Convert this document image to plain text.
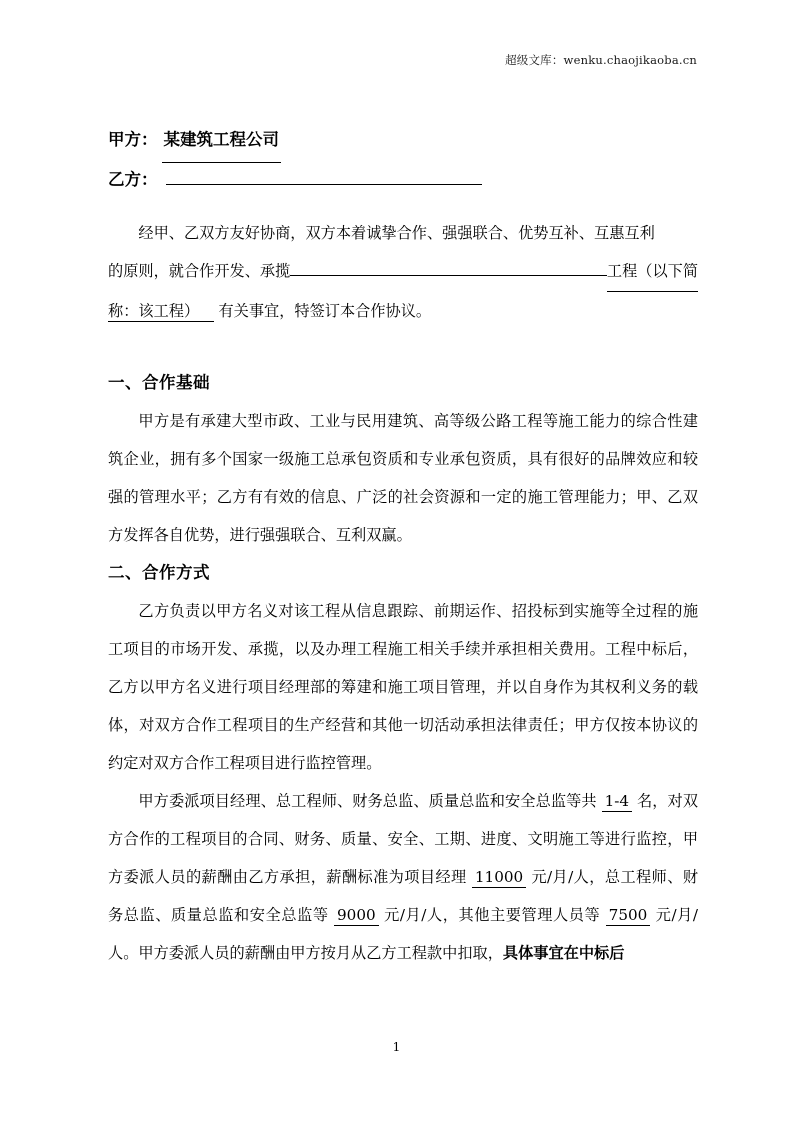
超级文库：wenku.chaojikaoba.cn
甲方： 某建筑工程公司
乙方：

经甲、乙双方友好协商，双方本着诚挚合作、强强联合、优势互补、互惠互利

的原则，就合作开发、承揽	工程（以下简

称：该工程） 有关事宜，特签订本合作协议。

一、合作基础

甲方是有承建大型市政、工业与民用建筑、高等级公路工程等施工能力的综合性建筑企业，拥有多个国家一级施工总承包资质和专业承包资质，具有很好的品牌效应和较强的管理水平；乙方有有效的信息、广泛的社会资源和一定的施工管理能力；甲、乙双方发挥各自优势，进行强强联合、互利双赢。

二、合作方式

乙方负责以甲方名义对该工程从信息跟踪、前期运作、招投标到实施等全过程的施工项目的市场开发、承揽，以及办理工程施工相关手续并承担相关费用。工程中标后，乙方以甲方名义进行项目经理部的筹建和施工项目管理，并以自身作为其权利义务的载体，对双方合作工程项目的生产经营和其他一切活动承担法律责任；甲方仅按本协议的约定对双方合作工程项目进行监控管理。

甲方委派项目经理、总工程师、财务总监、质量总监和安全总监等共 1-4 名，对双方合作的工程项目的合同、财务、质量、安全、工期、进度、文明施工等进行监控，甲方委派人员的薪酬由乙方承担，薪酬标准为项目经理 11000 元/月/人，总工程师、财务总监、质量总监和安全总监等 9000 元/月/人，其他主要管理人员等 7500 元/月/人。甲方委派人员的薪酬由甲方按月从乙方工程款中扣取，具体事宜在中标后

1
